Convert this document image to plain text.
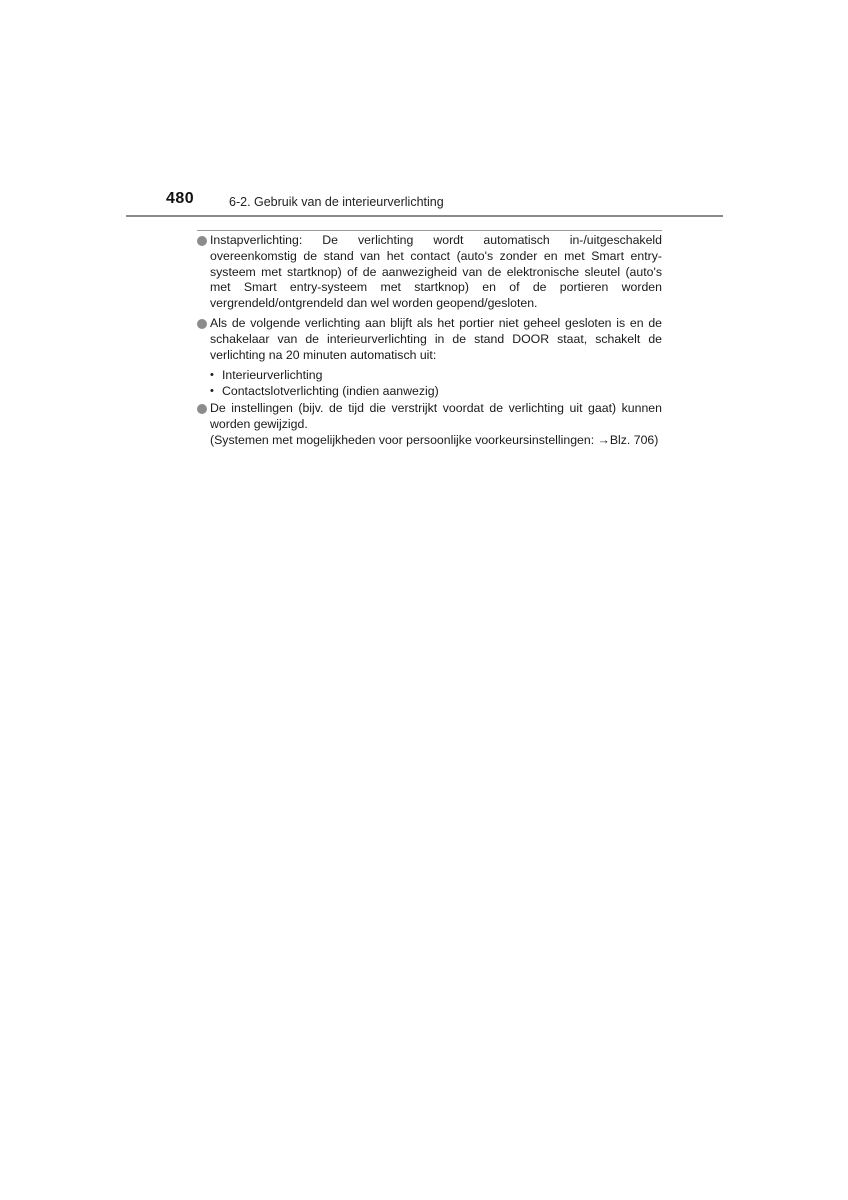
480	6-2. Gebruik van de interieurverlichting
Instapverlichting: De verlichting wordt automatisch in-/uitgeschakeld overeenkomstig de stand van het contact (auto's zonder en met Smart entry-systeem met startknop) of de aanwezigheid van de elektronische sleutel (auto's met Smart entry-systeem met startknop) en of de portieren worden vergrendeld/ontgrendeld dan wel worden geopend/gesloten.
Als de volgende verlichting aan blijft als het portier niet geheel gesloten is en de schakelaar van de interieurverlichting in de stand DOOR staat, schakelt de verlichting na 20 minuten automatisch uit:
• Interieurverlichting
• Contactslotverlichting (indien aanwezig)
De instellingen (bijv. de tijd die verstrijkt voordat de verlichting uit gaat) kunnen worden gewijzigd.
(Systemen met mogelijkheden voor persoonlijke voorkeursinstellingen: →Blz. 706)
